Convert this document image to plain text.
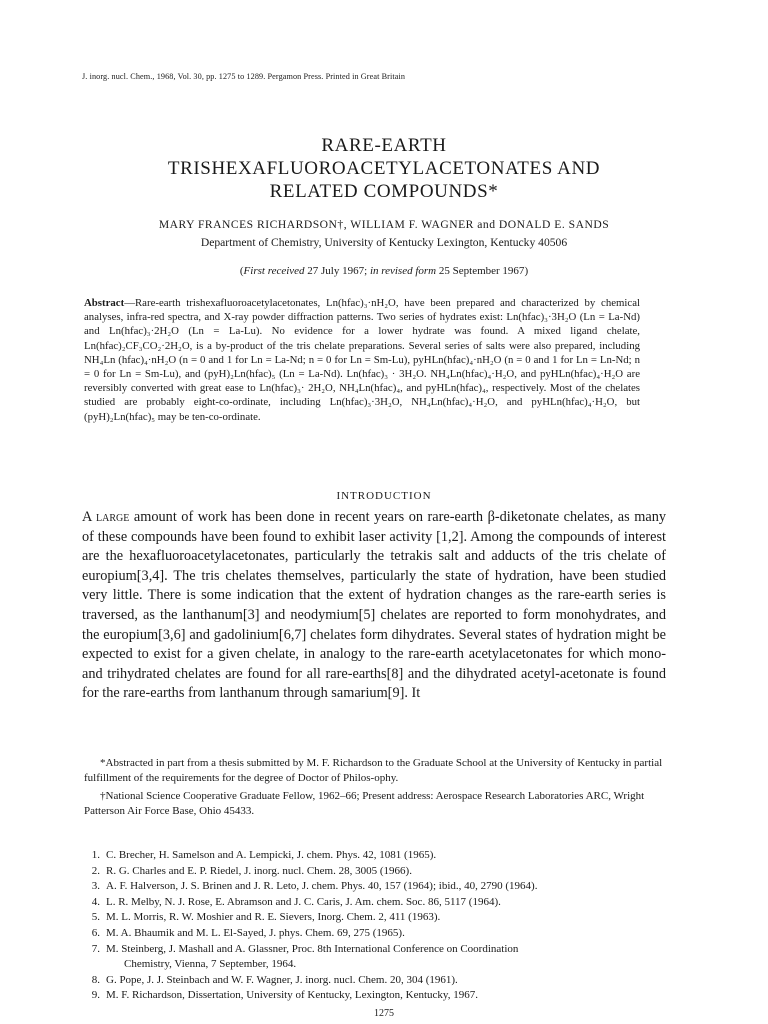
J. inorg. nucl. Chem., 1968, Vol. 30, pp. 1275 to 1289. Pergamon Press. Printed in Great Britain
RARE-EARTH
TRISHEXAFLUOROACETYLACETONATES AND
RELATED COMPOUNDS*
MARY FRANCES RICHARDSON†, WILLIAM F. WAGNER and DONALD E. SANDS
Department of Chemistry, University of Kentucky Lexington, Kentucky 40506
(First received 27 July 1967; in revised form 25 September 1967)
Abstract—Rare-earth trishexafluoroacetylacetonates, Ln(hfac)₃·nH₂O, have been prepared and characterized by chemical analyses, infra-red spectra, and X-ray powder diffraction patterns. Two series of hydrates exist: Ln(hfac)₃·3H₂O (Ln = La-Nd) and Ln(hfac)₃·2H₂O (Ln = La-Lu). No evidence for a lower hydrate was found. A mixed ligand chelate, Ln(hfac)₂CF₃CO₂·2H₂O, is a by-product of the tris chelate preparations. Several series of salts were also prepared, including NH₄Ln (hfac)₄·nH₂O (n = 0 and 1 for Ln = La-Nd; n = 0 for Ln = Sm-Lu), pyHLn(hfac)₄·nH₂O (n = 0 and 1 for Ln = Ln-Nd; n = 0 for Ln = Sm-Lu), and (pyH)₂Ln(hfac)₅ (Ln = La-Nd). Ln(hfac)₃ · 3H₂O. NH₄Ln(hfac)₄·H₂O, and pyHLn(hfac)₄·H₂O are reversibly converted with great ease to Ln(hfac)₃· 2H₂O, NH₄Ln(hfac)₄, and pyHLn(hfac)₄, respectively. Most of the chelates studied are probably eight-co-ordinate, including Ln(hfac)₃·3H₂O, NH₄Ln(hfac)₄·H₂O, and pyHLn(hfac)₄·H₂O, but (pyH)₂Ln(hfac)₅ may be ten-co-ordinate.
INTRODUCTION
A large amount of work has been done in recent years on rare-earth β-diketonate chelates, as many of these compounds have been found to exhibit laser activity [1,2]. Among the compounds of interest are the hexafluoroacetylacetonates, particularly the tetrakis salt and adducts of the tris chelate of europium[3,4]. The tris chelates themselves, particularly the state of hydration, have been studied very little. There is some indication that the extent of hydration changes as the rare-earth series is traversed, as the lanthanum[3] and neodymium[5] chelates are reported to form monohydrates, and the europium[3,6] and gadolinium[6,7] chelates form dihydrates. Several states of hydration might be expected to exist for a given chelate, in analogy to the rare-earth acetylacetonates for which mono- and trihydrated chelates are found for all rare-earths[8] and the dihydrated acetyl-acetonate is found for the rare-earths from lanthanum through samarium[9]. It
*Abstracted in part from a thesis submitted by M. F. Richardson to the Graduate School at the University of Kentucky in partial fulfillment of the requirements for the degree of Doctor of Philos-ophy.
†National Science Cooperative Graduate Fellow, 1962–66; Present address: Aerospace Research Laboratories ARC, Wright Patterson Air Force Base, Ohio 45433.
1. C. Brecher, H. Samelson and A. Lempicki, J. chem. Phys. 42, 1081 (1965).
2. R. G. Charles and E. P. Riedel, J. inorg. nucl. Chem. 28, 3005 (1966).
3. A. F. Halverson, J. S. Brinen and J. R. Leto, J. chem. Phys. 40, 157 (1964); ibid., 40, 2790 (1964).
4. L. R. Melby, N. J. Rose, E. Abramson and J. C. Caris, J. Am. chem. Soc. 86, 5117 (1964).
5. M. L. Morris, R. W. Moshier and R. E. Sievers, Inorg. Chem. 2, 411 (1963).
6. M. A. Bhaumik and M. L. El-Sayed, J. phys. Chem. 69, 275 (1965).
7. M. Steinberg, J. Mashall and A. Glassner, Proc. 8th International Conference on Coordination
Chemistry, Vienna, 7 September, 1964.
8. G. Pope, J. J. Steinbach and W. F. Wagner, J. inorg. nucl. Chem. 20, 304 (1961).
9. M. F. Richardson, Dissertation, University of Kentucky, Lexington, Kentucky, 1967.
1275
